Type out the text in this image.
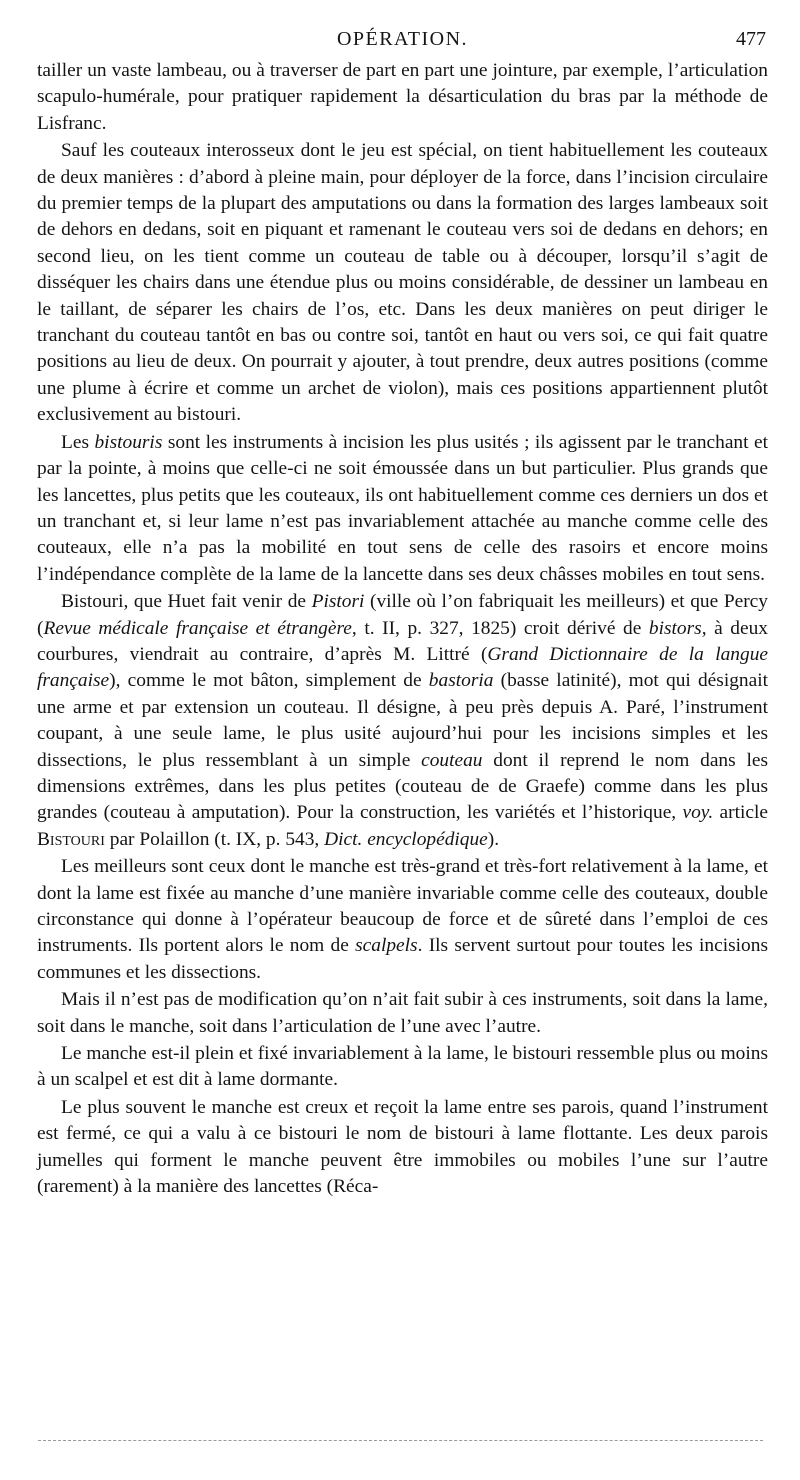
OPÉRATION.	477

tailler un vaste lambeau, ou à traverser de part en part une jointure, par exemple, l’articulation scapulo-humérale, pour pratiquer rapidement la désarticulation du bras par la méthode de Lisfranc.

Sauf les couteaux interosseux dont le jeu est spécial, on tient habituellement les couteaux de deux manières : d’abord à pleine main, pour déployer de la force, dans l’incision circulaire du premier temps de la plupart des amputations ou dans la formation des larges lambeaux soit de dehors en dedans, soit en piquant et ramenant le couteau vers soi de dedans en dehors; en second lieu, on les tient comme un couteau de table ou à découper, lorsqu’il s’agit de disséquer les chairs dans une étendue plus ou moins considérable, de dessiner un lambeau en le taillant, de séparer les chairs de l’os, etc. Dans les deux manières on peut diriger le tranchant du couteau tantôt en bas ou contre soi, tantôt en haut ou vers soi, ce qui fait quatre positions au lieu de deux. On pourrait y ajouter, à tout prendre, deux autres positions (comme une plume à écrire et comme un archet de violon), mais ces positions appartiennent plutôt exclusivement au bistouri.

Les bistouris sont les instruments à incision les plus usités ; ils agissent par le tranchant et par la pointe, à moins que celle-ci ne soit émoussée dans un but particulier. Plus grands que les lancettes, plus petits que les couteaux, ils ont habituellement comme ces derniers un dos et un tranchant et, si leur lame n’est pas invariablement attachée au manche comme celle des couteaux, elle n’a pas la mobilité en tout sens de celle des rasoirs et encore moins l’indépendance complète de la lame de la lancette dans ses deux châsses mobiles en tout sens.

Bistouri, que Huet fait venir de Pistori (ville où l’on fabriquait les meilleurs) et que Percy (Revue médicale française et étrangère, t. II, p. 327, 1825) croit dérivé de bistors, à deux courbures, viendrait au contraire, d’après M. Littré (Grand Dictionnaire de la langue française), comme le mot bâton, simplement de bastoria (basse latinité), mot qui désignait une arme et par extension un couteau. Il désigne, à peu près depuis A. Paré, l’instrument coupant, à une seule lame, le plus usité aujourd’hui pour les incisions simples et les dissections, le plus ressemblant à un simple couteau dont il reprend le nom dans les dimensions extrêmes, dans les plus petites (couteau de de Graefe) comme dans les plus grandes (couteau à amputation). Pour la construction, les variétés et l’historique, voy. article Bistouri par Polaillon (t. IX, p. 543, Dict. encyclopédique).

Les meilleurs sont ceux dont le manche est très-grand et très-fort relativement à la lame, et dont la lame est fixée au manche d’une manière invariable comme celle des couteaux, double circonstance qui donne à l’opérateur beaucoup de force et de sûreté dans l’emploi de ces instruments. Ils portent alors le nom de scalpels. Ils servent surtout pour toutes les incisions communes et les dissections.

Mais il n’est pas de modification qu’on n’ait fait subir à ces instruments, soit dans la lame, soit dans le manche, soit dans l’articulation de l’une avec l’autre.

Le manche est-il plein et fixé invariablement à la lame, le bistouri ressemble plus ou moins à un scalpel et est dit à lame dormante.

Le plus souvent le manche est creux et reçoit la lame entre ses parois, quand l’instrument est fermé, ce qui a valu à ce bistouri le nom de bistouri à lame flottante. Les deux parois jumelles qui forment le manche peuvent être immobiles ou mobiles l’une sur l’autre (rarement) à la manière des lancettes (Réca-
